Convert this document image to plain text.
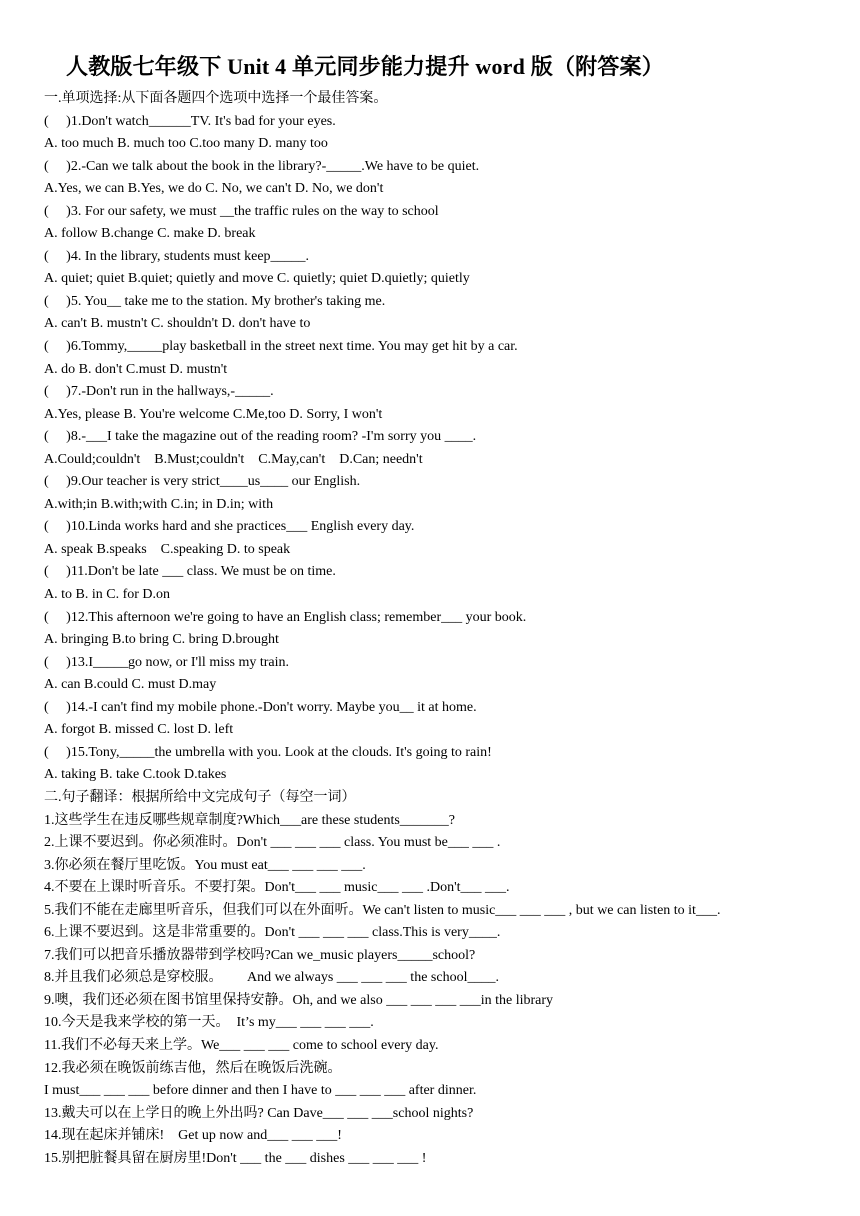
人教版七年级下 Unit 4 单元同步能力提升 word 版（附答案）
一.单项选择:从下面各题四个选项中选择一个最佳答案。
(     )1.Don't watch______TV. It's bad for your eyes.
A. too much B. much too C.too many D. many too
(     )2.-Can we talk about the book in the library?-_____.We have to be quiet.
A.Yes, we can B.Yes, we do C. No, we can't D. No, we don't
(     )3. For our safety, we must __the traffic rules on the way to school
A. follow B.change C. make D. break
(     )4. In the library, students must keep_____.
A. quiet; quiet B.quiet; quietly and move C. quietly; quiet D.quietly; quietly
(     )5. You__ take me to the station. My brother's taking me.
A. can't B. mustn't C. shouldn't D. don't have to
(     )6.Tommy,_____play basketball in the street next time. You may get hit by a car.
A. do B. don't C.must D. mustn't
(     )7.-Don't run in the hallways,-_____.
A.Yes, please B. You're welcome C.Me,too D. Sorry, I won't
(     )8.-___I take the magazine out of the reading room? -I'm sorry you ____.
A.Could;couldn't    B.Must;couldn't    C.May,can't    D.Can; needn't
(     )9.Our teacher is very strict____us____ our English.
A.with;in B.with;with C.in; in D.in; with
(     )10.Linda works hard and she practices___ English every day.
A. speak B.speaks    C.speaking D. to speak
(     )11.Don't be late ___ class. We must be on time.
A. to B. in C. for D.on
(     )12.This afternoon we're going to have an English class; remember___ your book.
A. bringing B.to bring C. bring D.brought
(     )13.I_____go now, or I'll miss my train.
A. can B.could C. must D.may
(     )14.-I can't find my mobile phone.-Don't worry. Maybe you__ it at home.
A. forgot B. missed C. lost D. left
(     )15.Tony,_____the umbrella with you. Look at the clouds. It's going to rain!
A. taking B. take C.took D.takes
二.句子翻译：根据所给中文完成句子（每空一词）
1.这些学生在违反哪些规章制度?Which___are these students_______?
2.上课不要迟到。你必须准时。Don't ___ ___ ___ class. You must be___ ___ .
3.你必须在餐厅里吃饭。You must eat___ ___ ___ ___.
4.不要在上课时听音乐。不要打架。Don't___ ___ music___ ___ .Don't___ ___.
5.我们不能在走廊里听音乐，但我们可以在外面听。We can't listen to music___ ___ ___ , but we can listen to it___.
6.上课不要迟到。这是非常重要的。Don't ___ ___ ___ class.This is very____.
7.我们可以把音乐播放器带到学校吗?Can we_music players_____school?
8.并且我们必须总是穿校服。       And we always ___ ___ ___ the school____.
9.噢，我们还必须在图书馆里保持安静。Oh, and we also ___ ___ ___ ___in the library
10.今天是我来学校的第一天。  It’s my___ ___ ___ ___.
11.我们不必每天来上学。We___ ___ ___ come to school every day.
12.我必须在晚饭前练吉他，然后在晚饭后洗碗。
I must___ ___ ___ before dinner and then I have to ___ ___ ___ after dinner.
13.戴夫可以在上学日的晚上外出吗? Can Dave___ ___ ___school nights?
14.现在起床并铺床!    Get up now and___ ___ ___!
15.别把脏餐具留在厨房里!Don't ___ the ___ dishes ___ ___ ___ !
